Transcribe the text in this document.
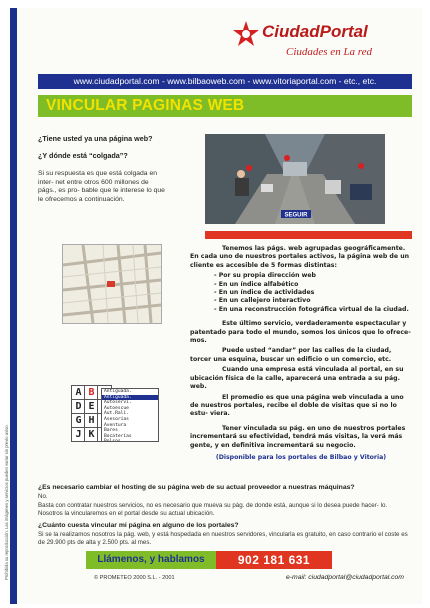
Prohibida su reproducción. Las imágenes y servicios pueden variar sin previo aviso.
CiudadPortal
Ciudades en La red
www.ciudadportal.com - www.bilbaoweb.com - www.vitoriaportal.com - etc., etc.
VINCULAR PAGINAS WEB
¿Tiene usted ya una página web?
¿Y dónde está “colgada”?
Si su respuesta es que está colgada en inter- net entre otros 600 millones de págs., es pro- bable que le interese lo que le ofrecemos a continuación.
SEGUIR
A B
D E
G H
J K
Antiguada.
Antiguada.
Autoservi.
Autoescue
Aut.Rali.
Asesorías
Aventura
Bares
Bocaterías
Bolsos

Tenemos las págs. web agrupadas geográficamente. En cada uno de nuestros portales activos, la página web de un cliente es accesible de 5 formas distintas:

- Por su propia dirección web

- En un índice alfabético

- En un índice de actividades

- En un callejero interactivo

- En una reconstrucción fotográfica virtual de la ciudad.

Este último servicio, verdaderamente espectacular y patentado para todo el mundo, somos los únicos que lo ofrece- mos.

Puede usted “andar” por las calles de la ciudad, torcer una esquina, buscar un edificio o un comercio, etc.

Cuando una empresa está vinculada al portal, en su ubicación física de la calle, aparecerá una entrada a su pág. web.

El promedio es que una página web vinculada a uno de nuestros portales, recibe el doble de visitas que si no lo estu- viera.

Tener vinculada su pág. en uno de nuestros portales incrementará su efectividad, tendrá más visitas, la verá más gente, y en definitiva incrementará su negocio.

(Disponible para los portales de Bilbao y Vitoria)

¿Es necesario cambiar el hosting de su página web de su actual proveedor a nuestras máquinas?
No.
Basta con contratar nuestros servicios, no es necesario que mueva su pág. de donde está, aunque si lo desea puede hacer- lo. Nosotros la vincularemos en el portal desde su actual ubicación.
¿Cuánto cuesta vincular mi página en alguno de los portales?
Si se la realizamos nosotros la pág. web, y está hospedada en nuestros servidores, vincularla es gratuito, en caso contrario el coste es de 29.900 pts de alta y 2.500 pts. al mes.
Llámenos, y hablamos	902 181 631
© PROMETEO 2000 S.L. - 2001	e-mail: ciudadportal@ciudadportal.com
